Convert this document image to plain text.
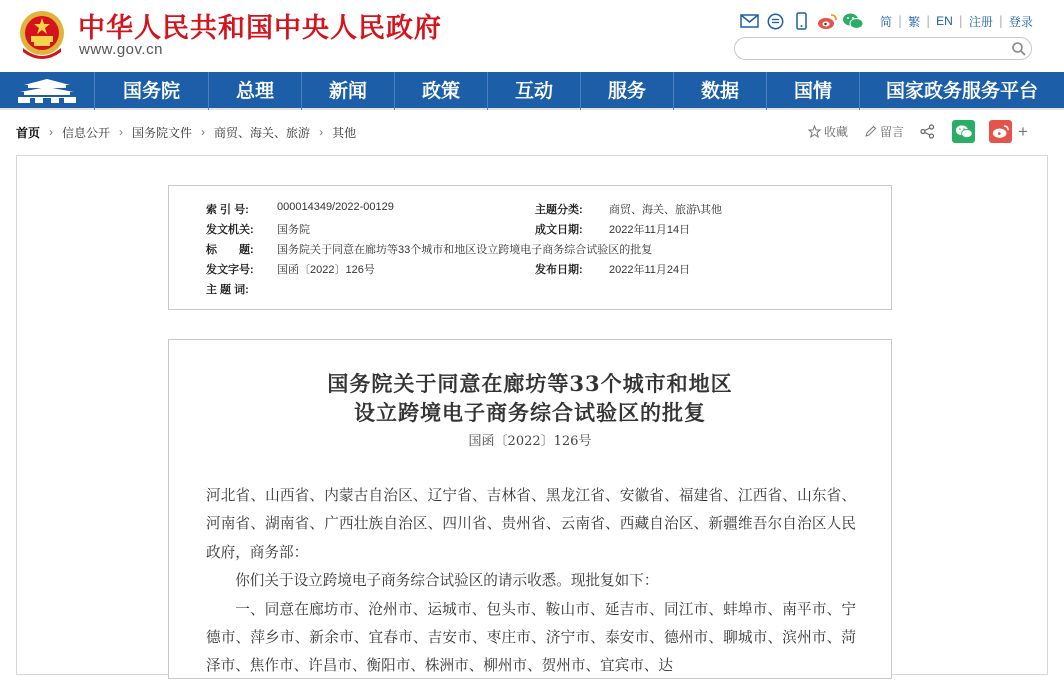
中华人民共和国中央人民政府
www.gov.cn
简 | 繁 | EN | 注册 | 登录
国务院	总理	新闻	政策	互动	服务	数据	国情	国家政务服务平台
首页 › 信息公开 › 国务院文件 › 商贸、海关、旅游 › 其他	收藏	留言	+
索 引 号:	000014349/2022-00129	主题分类: 商贸、海关、旅游\其他
发文机关: 国务院	成文日期: 2022年11月14日
标　　题: 国务院关于同意在廊坊等33个城市和地区设立跨境电子商务综合试验区的批复
发文字号: 国函〔2022〕126号	发布日期: 2022年11月24日
主 题 词:
国务院关于同意在廊坊等33个城市和地区
设立跨境电子商务综合试验区的批复
国函〔2022〕126号

河北省、山西省、内蒙古自治区、辽宁省、吉林省、黑龙江省、安徽省、福建省、江西省、山东省、河南省、湖南省、广西壮族自治区、四川省、贵州省、云南省、西藏自治区、新疆维吾尔自治区人民政府，商务部：

你们关于设立跨境电子商务综合试验区的请示收悉。现批复如下：

一、同意在廊坊市、沧州市、运城市、包头市、鞍山市、延吉市、同江市、蚌埠市、南平市、宁德市、萍乡市、新余市、宜春市、吉安市、枣庄市、济宁市、泰安市、德州市、聊城市、滨州市、菏泽市、焦作市、许昌市、衡阳市、株洲市、柳州市、贺州市、宜宾市、达
